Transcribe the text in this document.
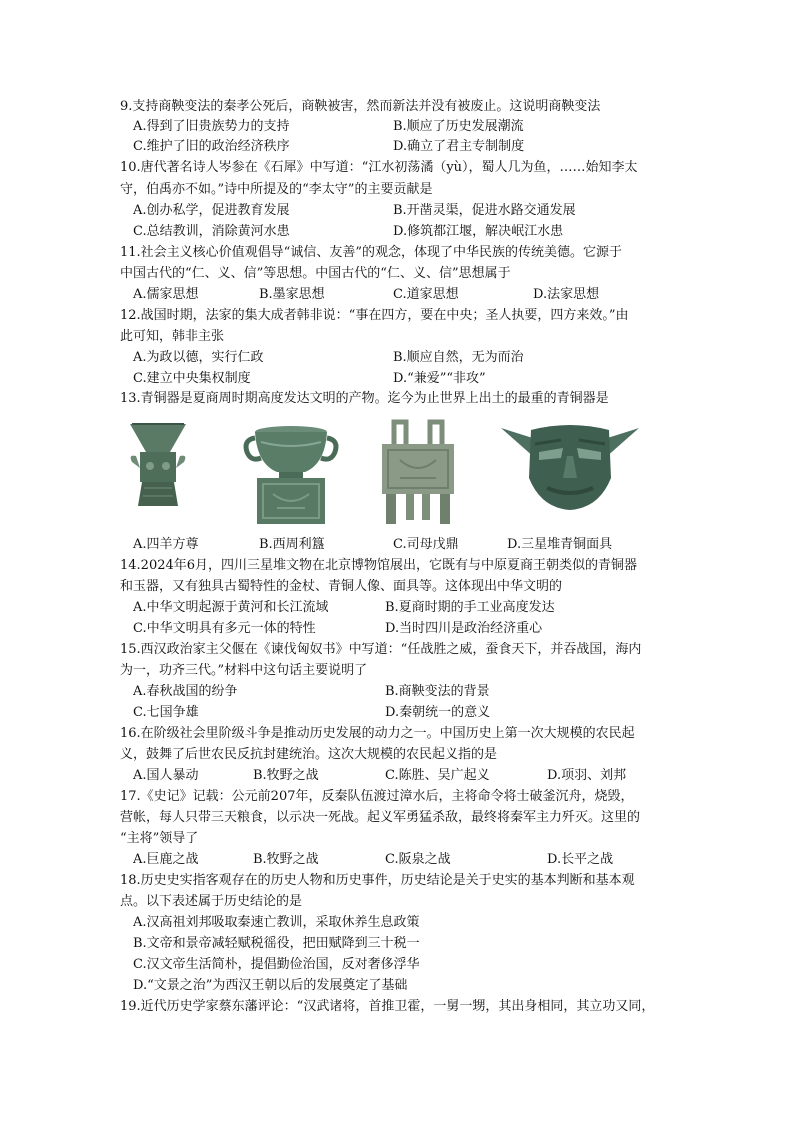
9.支持商鞅变法的秦孝公死后，商鞅被害，然而新法并没有被废止。这说明商鞅变法
A.得到了旧贵族势力的支持	B.顺应了历史发展潮流
C.维护了旧的政治经济秩序	D.确立了君主专制制度
10.唐代著名诗人岑参在《石犀》中写道：“江水初荡潏（yù），蜀人几为鱼，……始知李太
守，伯禹亦不如。”诗中所提及的“李太守”的主要贡献是
A.创办私学，促进教育发展	B.开凿灵渠，促进水路交通发展
C.总结教训，消除黄河水患	D.修筑都江堰，解决岷江水患
11.社会主义核心价值观倡导“诚信、友善”的观念，体现了中华民族的传统美德。它源于
中国古代的“仁、义、信”等思想。中国古代的“仁、义、信”思想属于
A.儒家思想	B.墨家思想	C.道家思想	D.法家思想
12.战国时期，法家的集大成者韩非说：“事在四方，要在中央；圣人执要，四方来效。”由
此可知，韩非主张
A.为政以德，实行仁政	B.顺应自然，无为而治
C.建立中央集权制度	D.“兼爱”“非攻”
13.青铜器是夏商周时期高度发达文明的产物。迄今为止世界上出土的最重的青铜器是
A.四羊方尊	B.西周利簋	C.司母戊鼎	D.三星堆青铜面具
14.2024年6月，四川三星堆文物在北京博物馆展出，它既有与中原夏商王朝类似的青铜器
和玉器，又有独具古蜀特性的金杖、青铜人像、面具等。这体现出中华文明的
A.中华文明起源于黄河和长江流域	B.夏商时期的手工业高度发达
C.中华文明具有多元一体的特性	D.当时四川是政治经济重心
15.西汉政治家主父偃在《谏伐匈奴书》中写道：“任战胜之威，蚕食天下，并吞战国，海内
为一，功齐三代。”材料中这句话主要说明了
A.春秋战国的纷争	B.商鞅变法的背景
C.七国争雄	D.秦朝统一的意义
16.在阶级社会里阶级斗争是推动历史发展的动力之一。中国历史上第一次大规模的农民起
义，鼓舞了后世农民反抗封建统治。这次大规模的农民起义指的是
A.国人暴动	B.牧野之战	C.陈胜、吴广起义	D.项羽、刘邦
17.《史记》记载：公元前207年，反秦队伍渡过漳水后，主将命令将士破釜沉舟，烧毁，
营帐，每人只带三天粮食，以示决一死战。起义军勇猛杀敌，最终将秦军主力歼灭。这里的
“主将”领导了
A.巨鹿之战	B.牧野之战	C.阪泉之战	D.长平之战
18.历史史实指客观存在的历史人物和历史事件，历史结论是关于史实的基本判断和基本观
点。以下表述属于历史结论的是
A.汉高祖刘邦吸取秦速亡教训，采取休养生息政策
B.文帝和景帝减轻赋税徭役，把田赋降到三十税一
C.汉文帝生活简朴，提倡勤俭治国，反对奢侈浮华
D.“文景之治”为西汉王朝以后的发展奠定了基础
19.近代历史学家蔡东藩评论：“汉武诸将，首推卫霍，一舅一甥，其出身相同，其立功又同，
